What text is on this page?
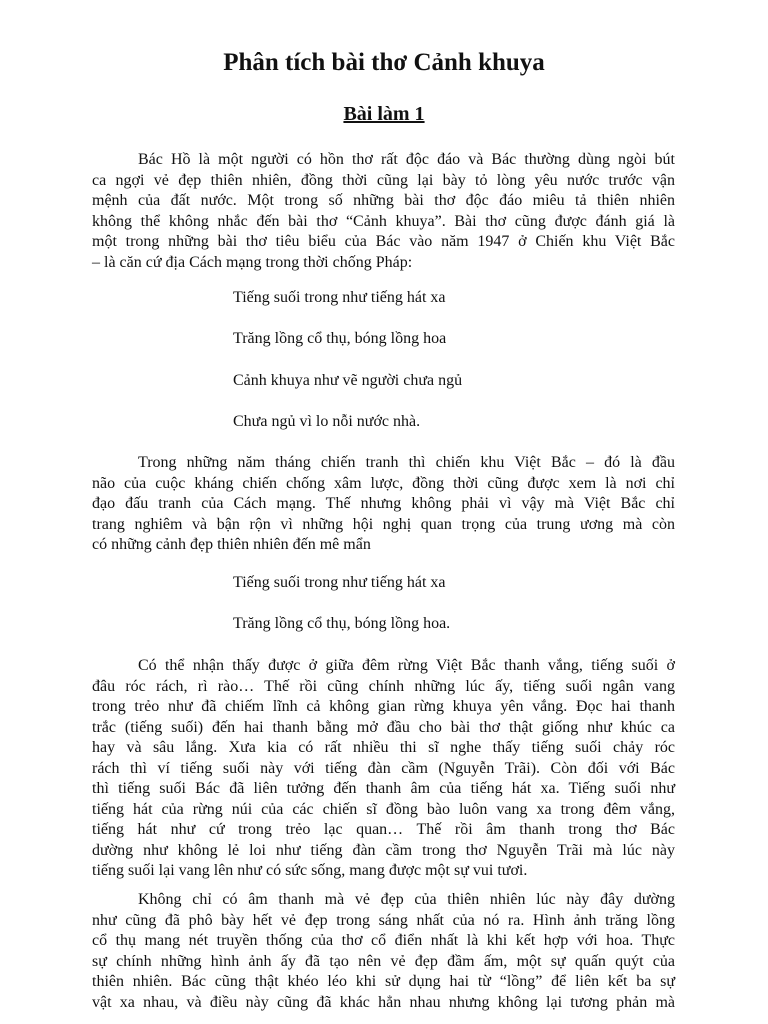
Phân tích bài thơ Cảnh khuya
Bài làm 1

Bác Hồ là một người có hồn thơ rất độc đáo và Bác thường dùng ngòi bút
ca ngợi vẻ đẹp thiên nhiên, đồng thời cũng lại bày tỏ lòng yêu nước trước vận
mệnh của đất nước. Một trong số những bài thơ độc đáo miêu tả thiên nhiên
không thể không nhắc đến bài thơ “Cảnh khuya”. Bài thơ cũng được đánh giá là
một trong những bài thơ tiêu biểu của Bác vào năm 1947 ở Chiến khu Việt Bắc
– là căn cứ địa Cách mạng trong thời chống Pháp:

Tiếng suối trong như tiếng hát xa

Trăng lồng cổ thụ, bóng lồng hoa

Cảnh khuya như vẽ người chưa ngủ

Chưa ngủ vì lo nỗi nước nhà.

Trong những năm tháng chiến tranh thì chiến khu Việt Bắc – đó là đầu
não của cuộc kháng chiến chống xâm lược, đồng thời cũng được xem là nơi chỉ
đạo đấu tranh của Cách mạng. Thế nhưng không phải vì vậy mà Việt Bắc chỉ
trang nghiêm và bận rộn vì những hội nghị quan trọng của trung ương mà còn
có những cảnh đẹp thiên nhiên đến mê mẩn

Tiếng suối trong như tiếng hát xa

Trăng lồng cổ thụ, bóng lồng hoa.

Có thể nhận thấy được ở giữa đêm rừng Việt Bắc thanh vắng, tiếng suối ở
đâu róc rách, rì rào… Thế rồi cũng chính những lúc ấy, tiếng suối ngân vang
trong trẻo như đã chiếm lĩnh cả không gian rừng khuya yên vắng. Đọc hai thanh
trắc (tiếng suối) đến hai thanh bằng mở đầu cho bài thơ thật giống như khúc ca
hay và sâu lắng. Xưa kia có rất nhiều thi sĩ nghe thấy tiếng suối chảy róc
rách thì ví tiếng suối này với tiếng đàn cầm (Nguyễn Trãi). Còn đối với Bác
thì tiếng suối Bác đã liên tưởng đến thanh âm của tiếng hát xa. Tiếng suối như
tiếng hát của rừng núi của các chiến sĩ đồng bào luôn vang xa trong đêm vắng,
tiếng hát như cứ trong trẻo lạc quan… Thế rồi âm thanh trong thơ Bác
dường như không lẻ loi như tiếng đàn cầm trong thơ Nguyễn Trãi mà lúc này
tiếng suối lại vang lên như có sức sống, mang được một sự vui tươi.

Không chỉ có âm thanh mà vẻ đẹp của thiên nhiên lúc này đây dường
như cũng đã phô bày hết vẻ đẹp trong sáng nhất của nó ra. Hình ảnh trăng lồng
cổ thụ mang nét truyền thống của thơ cổ điển nhất là khi kết hợp với hoa. Thực
sự chính những hình ảnh ấy đã tạo nên vẻ đẹp đầm ấm, một sự quấn quýt của
thiên nhiên. Bác cũng thật khéo léo khi sử dụng hai từ “lồng” để liên kết ba sự
vật xa nhau, và điều này cũng đã khác hẳn nhau nhưng không lại tương phản mà
